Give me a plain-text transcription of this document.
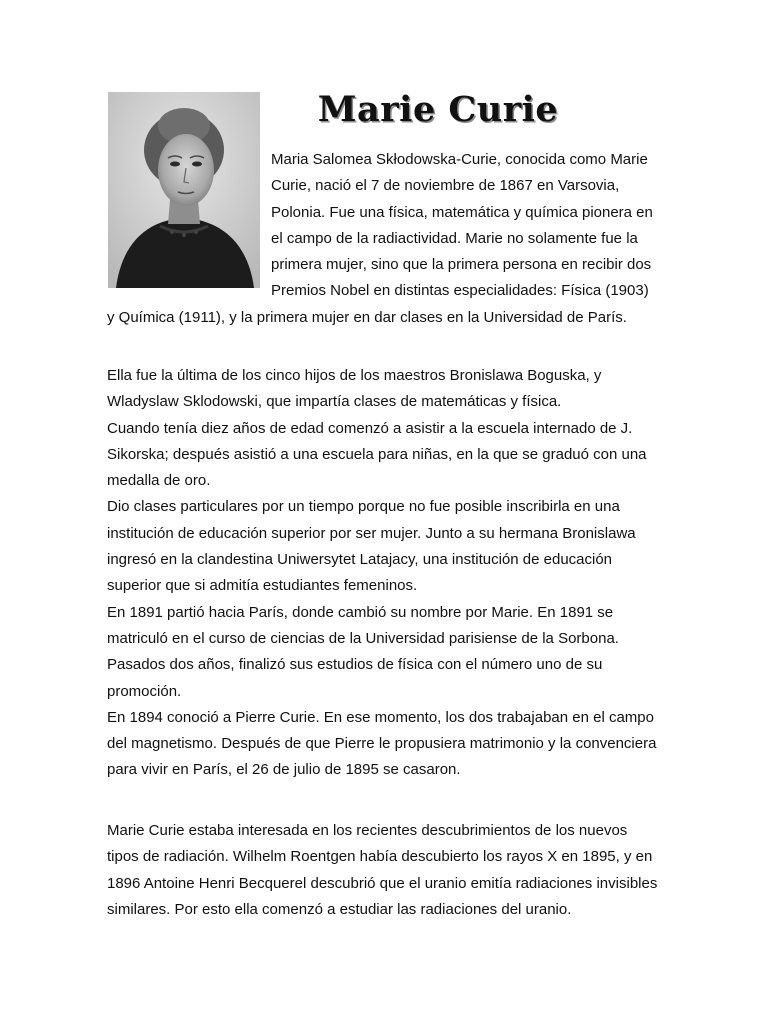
Marie Curie

Maria Salomea Skłodowska-Curie, conocida como Marie

Curie, nació el 7 de noviembre de 1867 en Varsovia,

Polonia. Fue una física, matemática y química pionera en

el campo de la radiactividad. Marie no solamente fue la

primera mujer, sino que la primera persona en recibir dos

Premios Nobel en distintas especialidades: Física (1903)

y Química (1911), y la primera mujer en dar clases en la Universidad de París.

Ella fue la última de los cinco hijos de los maestros Bronislawa Boguska, y

Wladyslaw Sklodowski, que impartía clases de matemáticas y física.

Cuando tenía diez años de edad comenzó a asistir a la escuela internado de J.

Sikorska; después asistió a una escuela para niñas, en la que se graduó con una

medalla de oro.

Dio clases particulares por un tiempo porque no fue posible inscribirla en una

institución de educación superior por ser mujer. Junto a su hermana Bronislawa

ingresó en la clandestina Uniwersytet Latajacy, una institución de educación

superior que si admitía estudiantes femeninos.

En 1891 partió hacia París, donde cambió su nombre por Marie. En 1891 se

matriculó en el curso de ciencias de la Universidad parisiense de la Sorbona.

Pasados dos años, finalizó sus estudios de física con el número uno de su

promoción.

En 1894 conoció a Pierre Curie. En ese momento, los dos trabajaban en el campo

del magnetismo. Después de que Pierre le propusiera matrimonio y la convenciera

para vivir en París, el 26 de julio de 1895 se casaron.

Marie Curie estaba interesada en los recientes descubrimientos de los nuevos

tipos de radiación. Wilhelm Roentgen había descubierto los rayos X en 1895, y en

1896 Antoine Henri Becquerel descubrió que el uranio emitía radiaciones invisibles

similares. Por esto ella comenzó a estudiar las radiaciones del uranio.
